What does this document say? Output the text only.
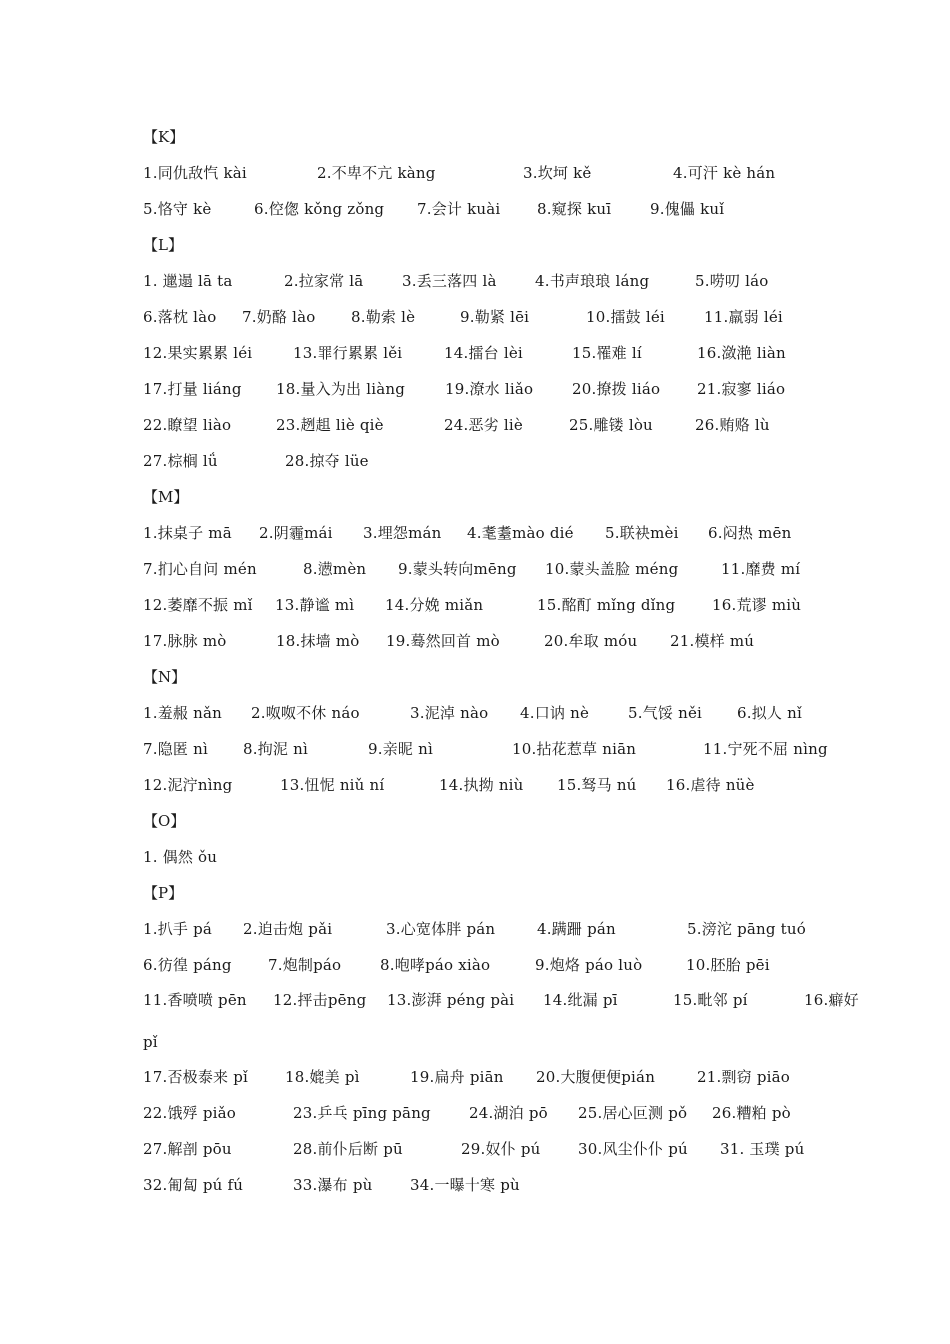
【K】
1.同仇敌忾 kài	2.不卑不亢 kàng	3.坎坷 kě	4.可汗 kè hán
5.恪守 kè	6.倥偬 kǒng zǒng 7.会计 kuài 8.窥探 kuī	9.傀儡 kuǐ
【L】
1. 邋遢 lā ta	2.拉家常 lā	3.丢三落四 là	4.书声琅琅 láng	5.唠叨 láo
6.落枕 lào 7.奶酪 lào 8.勒索 lè	9.勒紧 lēi	10.擂鼓 léi	11.羸弱 léi
12.果实累累 léi	13.罪行累累 lěi	14.擂台 lèi	15.罹难 lí	16.潋滟 liàn
17.打量 liáng 18.量入为出 liàng	19.潦水 liǎo	20.撩拨 liáo 21.寂寥 liáo
22.瞭望 liào	23.趔趄 liè qiè	24.恶劣 liè	25.雕镂 lòu	26.贿赂 lù
27.棕榈 lǘ	28.掠夺 lüe
【M】
1.抹桌子 mā 2.阴霾mái 3.埋怨mán 4.耄耋mào dié 5.联袂mèi 6.闷热 mēn
7.扪心自问 mén	8.懑mèn 9.蒙头转向mēng 10.蒙头盖脸 méng	11.靡费 mí
12.萎靡不振 mǐ 13.静谧 mì 14.分娩 miǎn	15.酩酊 mǐng dǐng 16.荒谬 miù
17.脉脉 mò	18.抹墙 mò 19.蓦然回首 mò	20.牟取 móu 21.模样 mú
【N】
1.羞赧 nǎn 2.呶呶不休 náo	3.泥淖 nào 4.口讷 nè	5.气馁 něi 6.拟人 nǐ
7.隐匿 nì 8.拘泥 nì	9.亲昵 nì	10.拈花惹草 niān	11.宁死不屈 nìng
12.泥泞nìng	13.忸怩 niǔ ní	14.执拗 niù 15.驽马 nú 16.虐待 nüè
【O】
1. 偶然 ǒu
【P】
1.扒手 pá 2.迫击炮 pǎi	3.心宽体胖 pán	4.蹒跚 pán	5.滂沱 pāng tuó
6.彷徨 páng 7.炮制páo	8.咆哮páo xiào	9.炮烙 páo luò	10.胚胎 pēi
11.香喷喷 pēn 12.抨击pēng 13.澎湃 péng pài 14.纰漏 pī	15.毗邻 pí	16.癖好
pǐ
17.否极泰来 pǐ 18.媲美 pì	19.扁舟 piān 20.大腹便便pián	21.剽窃 piāo
22.饿殍 piǎo	23.乒乓 pīng pāng	24.湖泊 pō 25.居心叵测 pǒ 26.糟粕 pò
27.解剖 pōu	28.前仆后断 pū	29.奴仆 pú	30.风尘仆仆 pú 31. 玉璞 pú
32.匍匐 pú fú	33.瀑布 pù	34.一曝十寒 pù
